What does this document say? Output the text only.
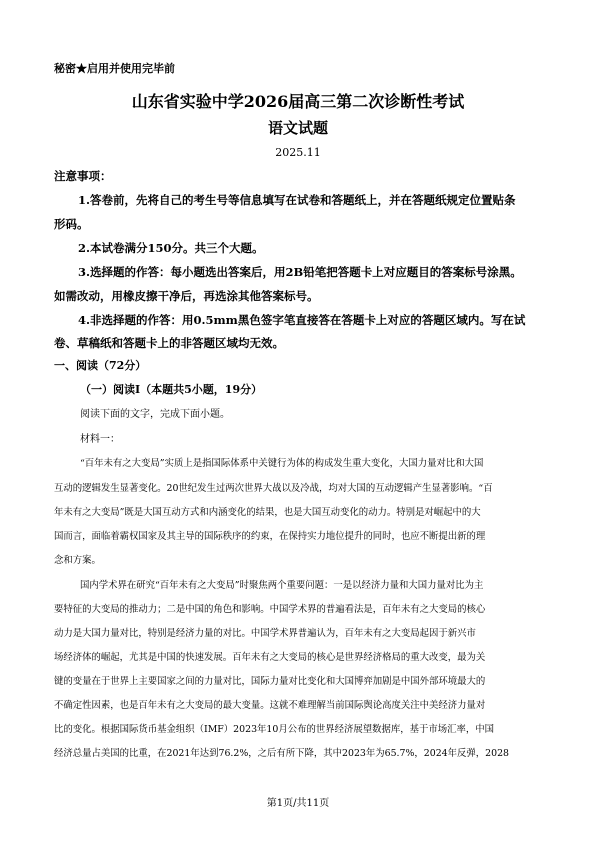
秘密★启用并使用完毕前
山东省实验中学2026届高三第二次诊断性考试
语文试题
2025.11
注意事项：
1.答卷前，先将自己的考生号等信息填写在试卷和答题纸上，并在答题纸规定位置贴条
形码。
2.本试卷满分150分。共三个大题。
3.选择题的作答：每小题选出答案后，用2B铅笔把答题卡上对应题目的答案标号涂黑。
如需改动，用橡皮擦干净后，再选涂其他答案标号。
4.非选择题的作答：用0.5mm黑色签字笔直接答在答题卡上对应的答题区域内。写在试
卷、草稿纸和答题卡上的非答题区域均无效。
一、阅读（72分）
（一）阅读Ⅰ（本题共5小题，19分）
阅读下面的文字，完成下面小题。
材料一：
“百年未有之大变局”实质上是指国际体系中关键行为体的构成发生重大变化，大国力量对比和大国
互动的逻辑发生显著变化。20世纪发生过两次世界大战以及冷战，均对大国的互动逻辑产生显著影响。“百
年未有之大变局”既是大国互动方式和内涵变化的结果，也是大国互动变化的动力。特别是对崛起中的大
国而言，面临着霸权国家及其主导的国际秩序的约束，在保持实力地位提升的同时，也应不断提出新的理
念和方案。
国内学术界在研究“百年未有之大变局”时聚焦两个重要问题：一是以经济力量和大国力量对比为主
要特征的大变局的推动力；二是中国的角色和影响。中国学术界的普遍看法是，百年未有之大变局的核心
动力是大国力量对比，特别是经济力量的对比。中国学术界普遍认为，百年未有之大变局起因于新兴市
场经济体的崛起，尤其是中国的快速发展。百年未有之大变局的核心是世界经济格局的重大改变，最为关
键的变量在于世界上主要国家之间的力量对比，国际力量对比变化和大国博弈加剧是中国外部环境最大的
不确定性因素，也是百年未有之大变局的最大变量。这就不难理解当前国际舆论高度关注中美经济力量对
比的变化。根据国际货币基金组织（IMF）2023年10月公布的世界经济展望数据库，基于市场汇率，中国
经济总量占美国的比重，在2021年达到76.2%，之后有所下降，其中2023年为65.7%，2024年反弹，2028
第1页/共11页
